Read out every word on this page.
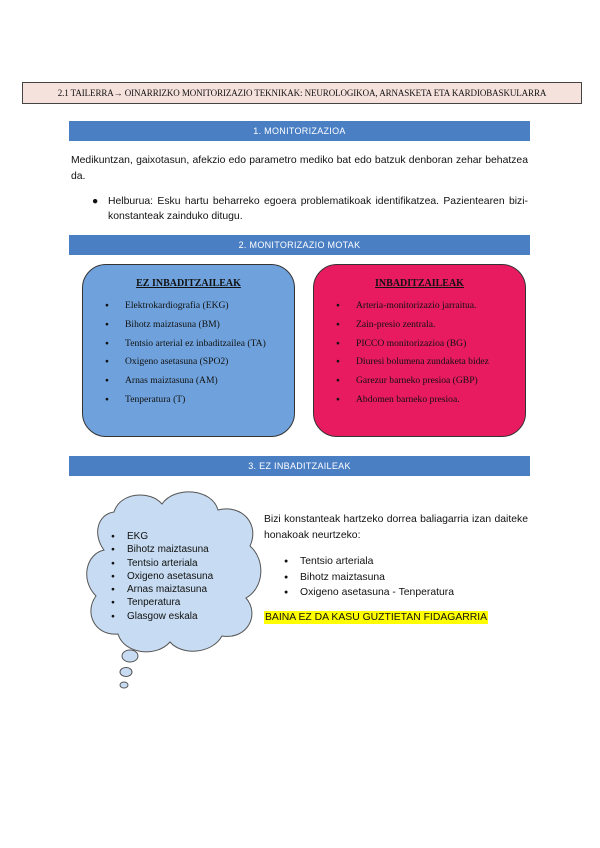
2.1 TAILERRA→ OINARRIZKO MONITORIZAZIO TEKNIKAK: NEUROLOGIKOA, ARNASKETA ETA KARDIOBASKULARRA
1. MONITORIZAZIOA
Medikuntzan, gaixotasun, afekzio edo parametro mediko bat edo batzuk denboran zehar behatzea da.
● Helburua: Esku hartu beharreko egoera problematikoak identifikatzea. Pazientearen bizi-konstanteak zainduko ditugu.
2. MONITORIZAZIO MOTAK
EZ INBADITZAILEAK
● Elektrokardiografia (EKG)
● Bihotz maiztasuna (BM)
● Tentsio arterial ez inbaditzailea (TA)
● Oxigeno asetasuna (SPO2)
● Arnas maiztasuna (AM)
● Tenperatura (T)
INBADITZAILEAK
● Arteria-monitorizazio jarraitua.
● Zain-presio zentrala.
● PICCO monitorizazioa (BG)
● Diuresi bolumena zundaketa bidez
● Garezur barneko presioa (GBP)
● Abdomen barneko presioa.
3. EZ INBADITZAILEAK
● EKG
● Bihotz maiztasuna
● Tentsio arteriala
● Oxigeno asetasuna
● Arnas maiztasuna
● Tenperatura
● Glasgow eskala
Bizi konstanteak hartzeko dorrea baliagarria izan daiteke honakoak neurtzeko:
● Tentsio arteriala
● Bihotz maiztasuna
● Oxigeno asetasuna - Tenperatura
BAINA EZ DA KASU GUZTIETAN FIDAGARRIA
